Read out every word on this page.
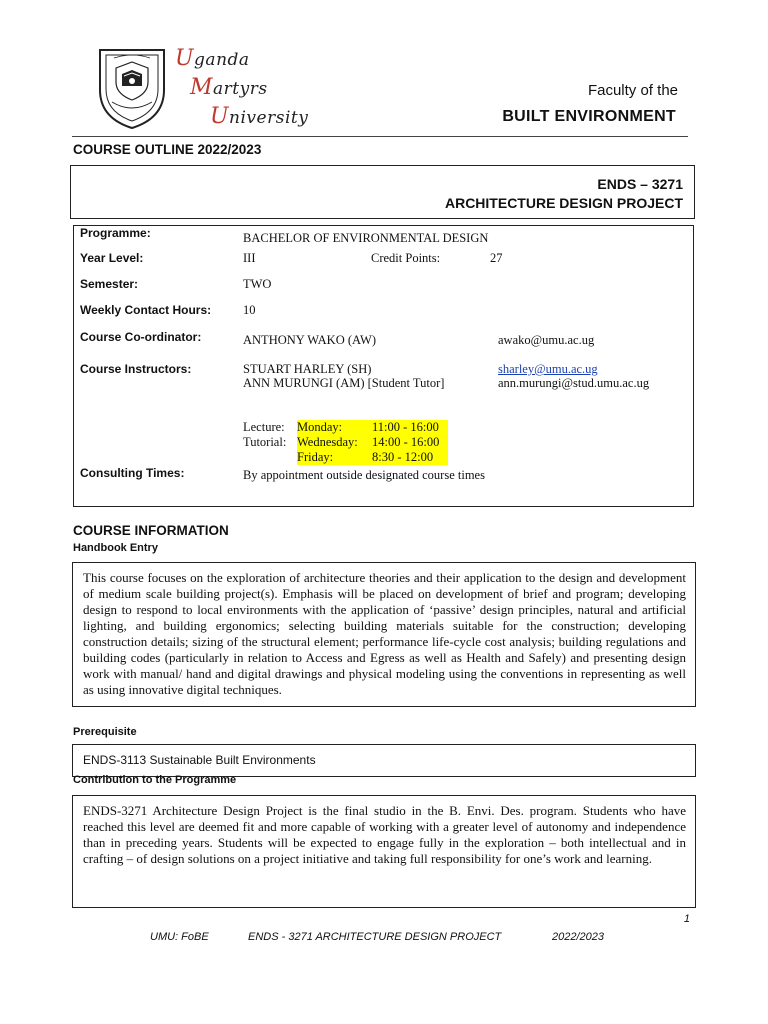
Uganda
Martyrs
University
Faculty of the
BUILT ENVIRONMENT
COURSE OUTLINE 2022/2023
ENDS – 3271
ARCHITECTURE DESIGN PROJECT
Programme:	BACHELOR OF ENVIRONMENTAL DESIGN
Year Level:	III	Credit Points:	27
Semester:	TWO
Weekly Contact Hours:	10
Course Co-ordinator:	ANTHONY WAKO (AW)	awako@umu.ac.ug
Course Instructors:	STUART HARLEY (SH)	sharley@umu.ac.ug
ANN MURUNGI (AM) [Student Tutor]	ann.murungi@stud.umu.ac.ug
Lecture: Monday: 11:00 - 16:00
Tutorial: Wednesday: 14:00 - 16:00
Friday:	8:30 - 12:00
Consulting Times:	By appointment outside designated course times
COURSE INFORMATION
Handbook Entry
This course focuses on the exploration of architecture theories and their application to the design and development of medium scale building project(s). Emphasis will be placed on development of brief and program; developing design to respond to local environments with the application of ‘passive’ design principles, natural and artificial lighting, and building ergonomics; selecting building materials suitable for the construction; developing construction details; sizing of the structural element; performance life-cycle cost analysis; building regulations and building codes (particularly in relation to Access and Egress as well as Health and Safely) and presenting design work with manual/ hand and digital drawings and physical modeling using the conventions in representing as well as using innovative digital techniques.
Prerequisite
ENDS-3113 Sustainable Built Environments
Contribution to the Programme
ENDS-3271 Architecture Design Project is the final studio in the B. Envi. Des. program. Students who have reached this level are deemed fit and more capable of working with a greater level of autonomy and independence than in preceding years. Students will be expected to engage fully in the exploration – both intellectual and in crafting – of design solutions on a project initiative and taking full responsibility for one’s work and learning.
1
UMU: FoBE	ENDS - 3271 ARCHITECTURE DESIGN PROJECT	2022/2023
